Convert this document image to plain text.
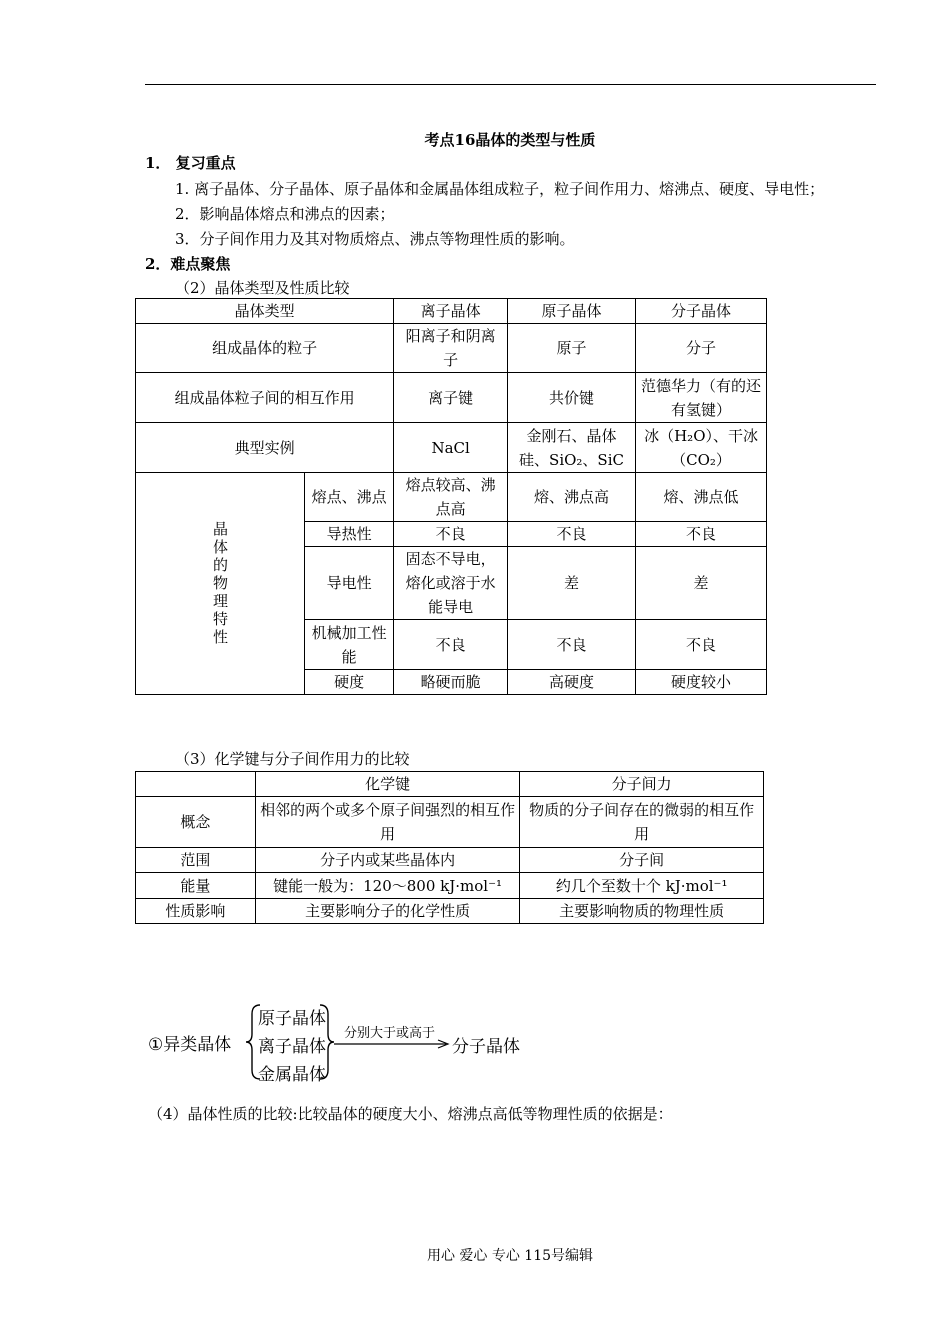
考点16晶体的类型与性质
1． 复习重点
1. 离子晶体、分子晶体、原子晶体和金属晶体组成粒子，粒子间作用力、熔沸点、硬度、导电性；
2．影响晶体熔点和沸点的因素；
3．分子间作用力及其对物质熔点、沸点等物理性质的影响。
2．难点聚焦
（2）晶体类型及性质比较
晶体类型		离子晶体	原子晶体	分子晶体
组成晶体的粒子		阳离子和阴离子	原子	分子
组成晶体粒子间的相互作用		离子键	共价键	范德华力（有的还有氢键）
典型实例		NaCl	金刚石、晶体硅、SiO₂、SiC	冰（H₂O）、干冰（CO₂）
晶体的物理特性	熔点、沸点	熔点较高、沸点高	熔、沸点高	熔、沸点低
	导热性	不良	不良	不良
	导电性	固态不导电，熔化或溶于水能导电	差	差
	机械加工性能	不良	不良	不良
	硬度	略硬而脆	高硬度	硬度较小
（3）化学键与分子间作用力的比较
	化学键	分子间力
概念	相邻的两个或多个原子间强烈的相互作用	物质的分子间存在的微弱的相互作用
范围	分子内或某些晶体内	分子间
能量	键能一般为：120～800 kJ·mol⁻¹	约几个至数十个 kJ·mol⁻¹
性质影响	主要影响分子的化学性质	主要影响物质的物理性质
①异类晶体
原子晶体
离子晶体
金属晶体
分别大于或高于
分子晶体
（4）晶体性质的比较:比较晶体的硬度大小、熔沸点高低等物理性质的依据是：
用心 爱心 专心 115号编辑
